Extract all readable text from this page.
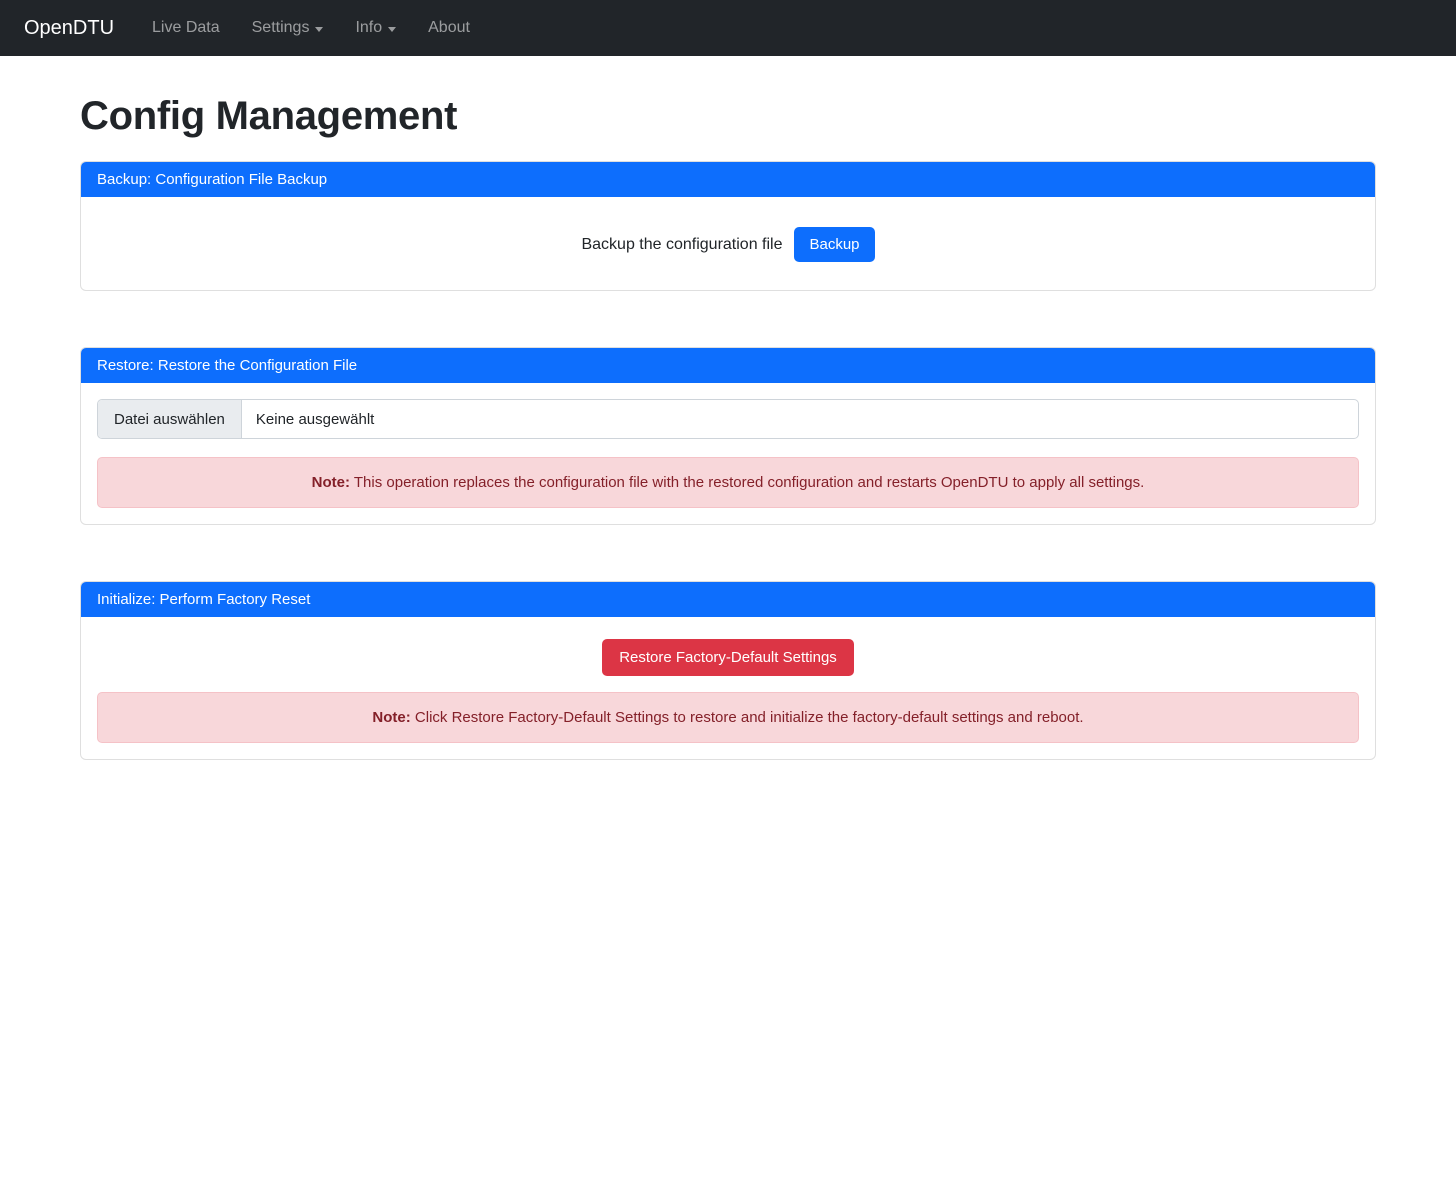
OpenDTU Live Data Settings	Info	About
Config Management
Backup: Configuration File Backup
Backup the configuration file	Backup
Restore: Restore the Configuration File
Datei auswählen	Keine ausgewählt
Note: This operation replaces the configuration file with the restored configuration and restarts OpenDTU to apply all settings.
Initialize: Perform Factory Reset
Restore Factory-Default Settings
Note: Click Restore Factory-Default Settings to restore and initialize the factory-default settings and reboot.
